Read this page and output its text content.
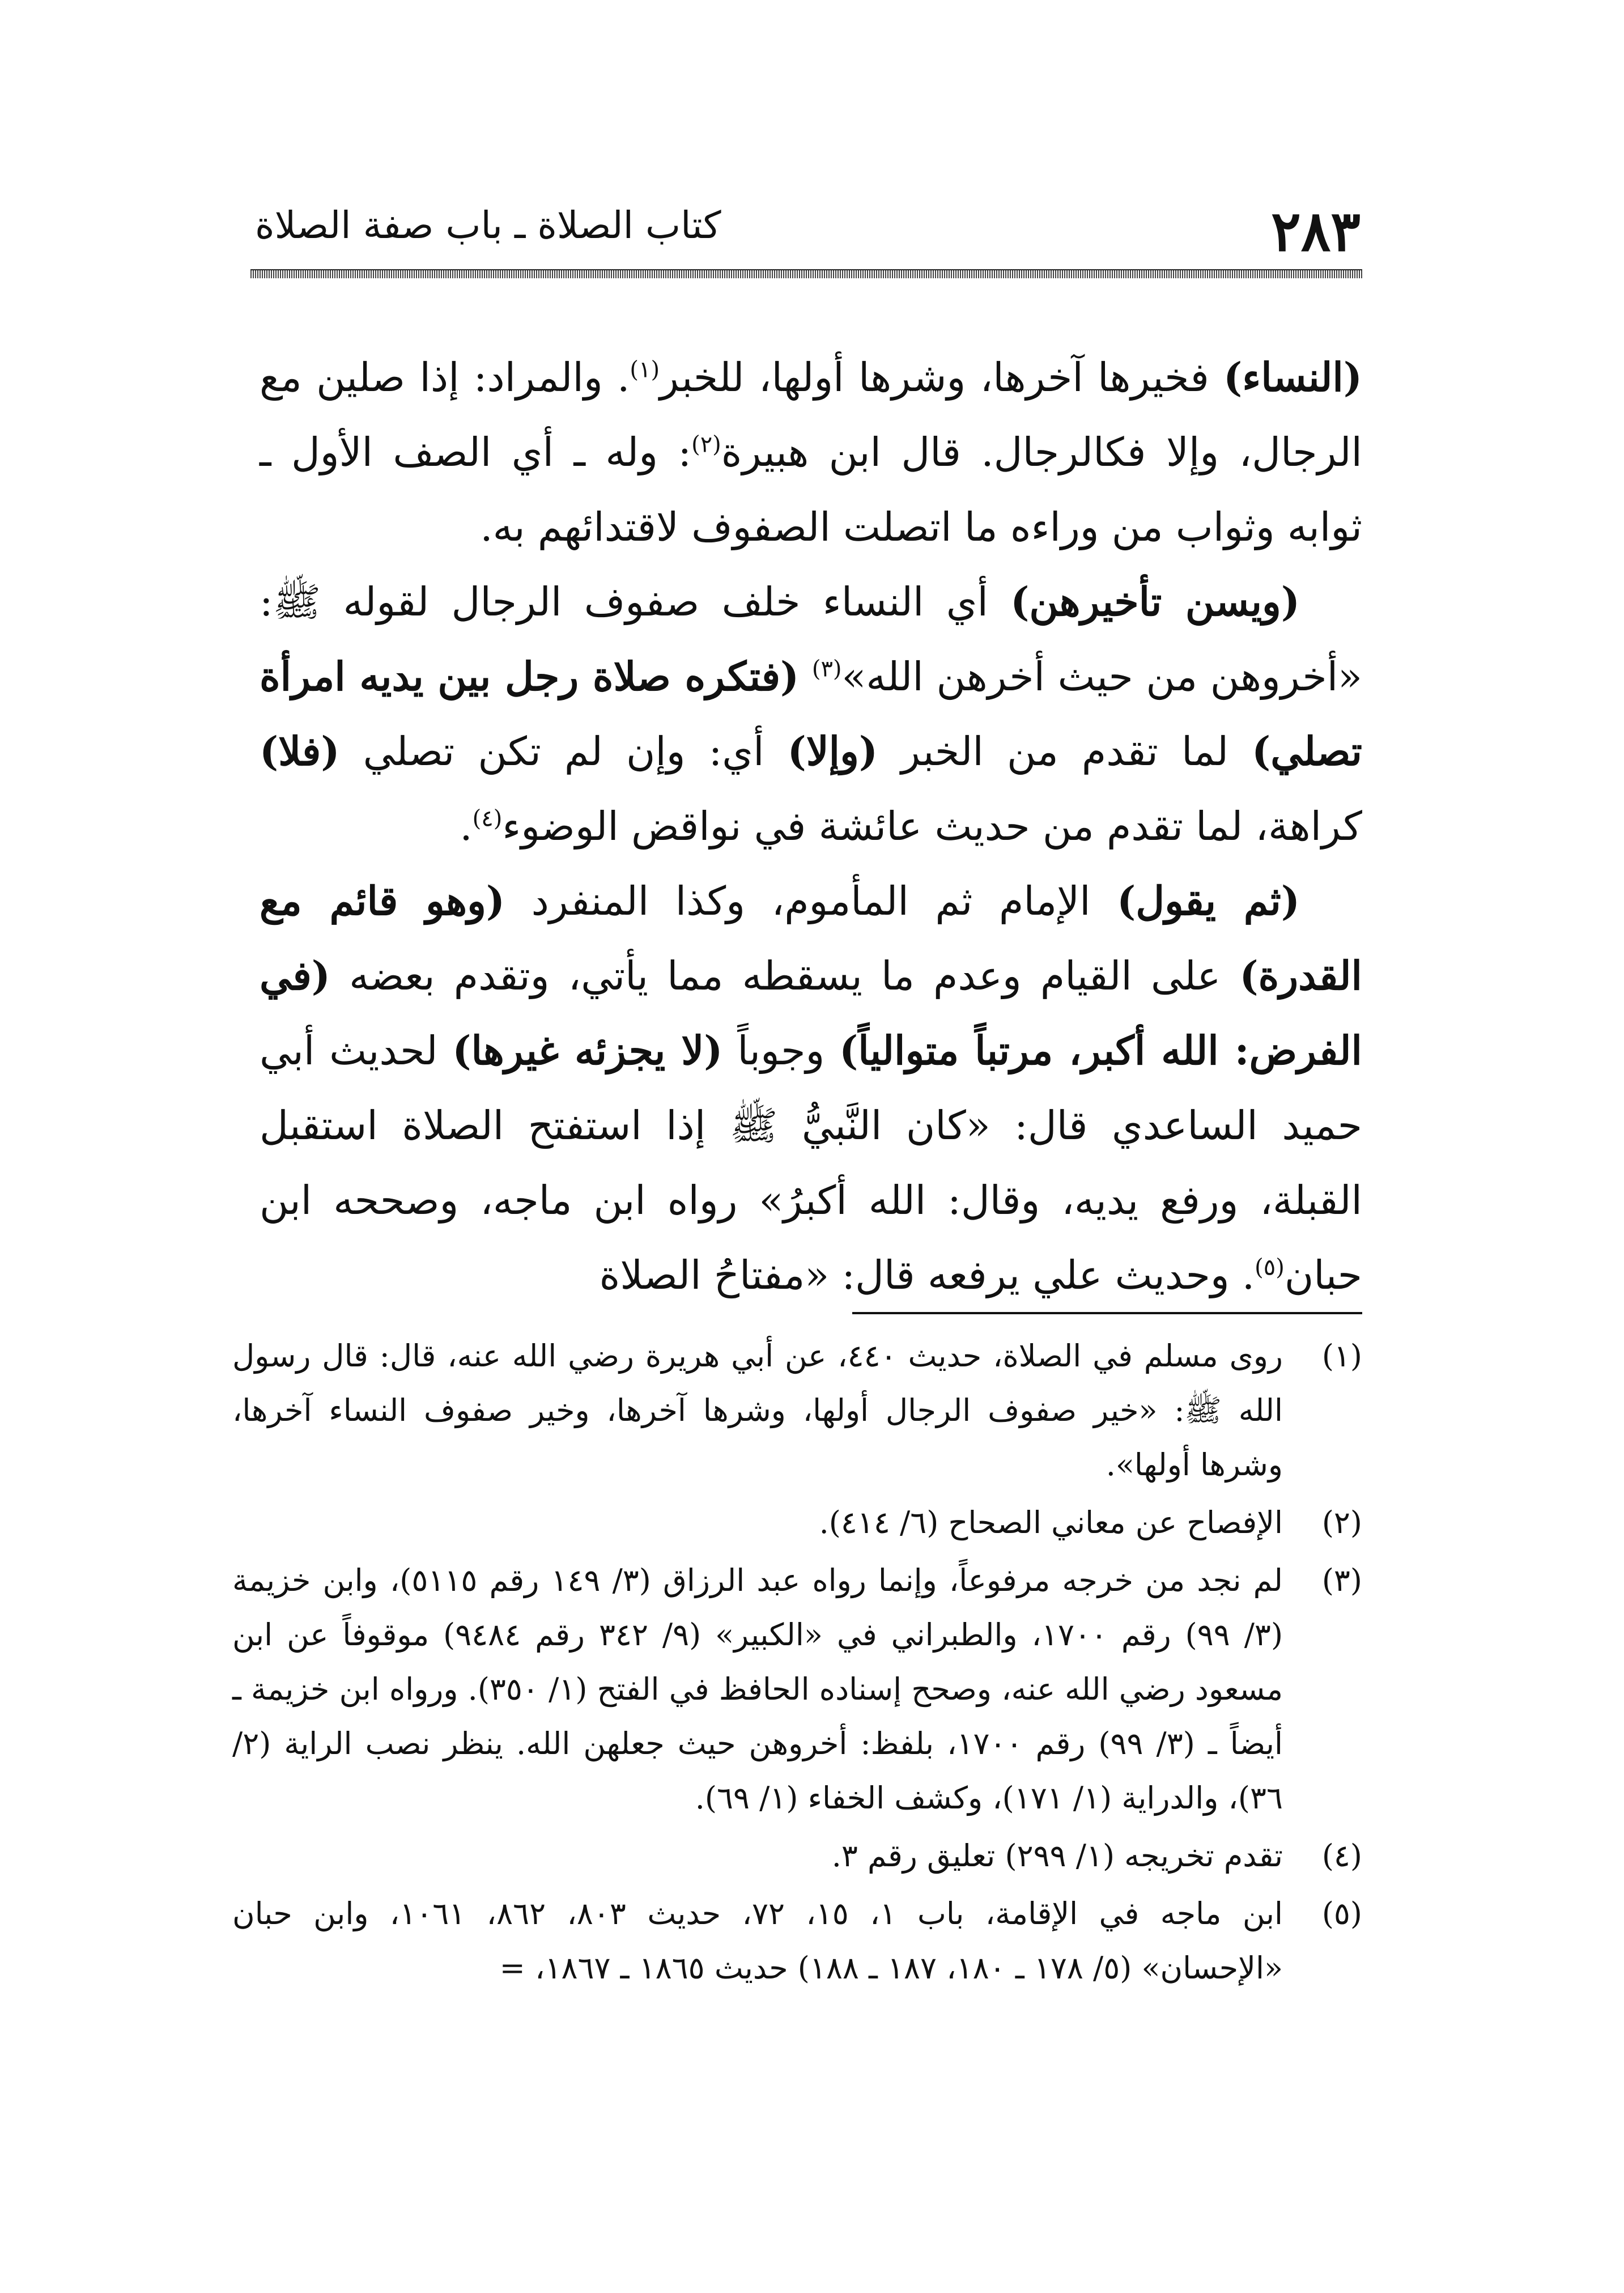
٢٨٣
كتاب الصلاة ـ باب صفة الصلاة

(النساء) فخيرها آخرها، وشرها أولها، للخبر$^{(١)}$. والمراد: إذا صلين مع الرجال، وإلا فكالرجال. قال ابن هبيرة$^{(٢)}$: وله ـ أي الصف الأول ـ ثوابه وثواب من وراءه ما اتصلت الصفوف لاقتدائهم به.

(ويسن تأخيرهن) أي النساء خلف صفوف الرجال لقوله ﷺ: «أخروهن من حيث أخرهن الله»$^{(٣)}$ (فتكره صلاة رجل بين يديه امرأة تصلي) لما تقدم من الخبر (وإلا) أي: وإن لم تكن تصلي (فلا) كراهة، لما تقدم من حديث عائشة في نواقض الوضوء$^{(٤)}$.

(ثم يقول) الإمام ثم المأموم، وكذا المنفرد (وهو قائم مع القدرة) على القيام وعدم ما يسقطه مما يأتي، وتقدم بعضه (في الفرض: الله أكبر، مرتباً متوالياً) وجوباً (لا يجزئه غيرها) لحديث أبي حميد الساعدي قال: «كان النَّبيُّ ﷺ إذا استفتح الصلاة استقبل القبلة، ورفع يديه، وقال: الله أكبرُ» رواه ابن ماجه، وصححه ابن حبان$^{(٥)}$. وحديث علي يرفعه قال: «مفتاحُ الصلاة

(١)
روى مسلم في الصلاة، حديث ٤٤٠، عن أبي هريرة رضي الله عنه، قال: قال رسول الله ﷺ: «خير صفوف الرجال أولها، وشرها آخرها، وخير صفوف النساء آخرها، وشرها أولها».
(٢)
الإفصاح عن معاني الصحاح (٦/ ٤١٤).
(٣)
لم نجد من خرجه مرفوعاً، وإنما رواه عبد الرزاق (٣/ ١٤٩ رقم ٥١١٥)، وابن خزيمة (٣/ ٩٩) رقم ١٧٠٠، والطبراني في «الكبير» (٩/ ٣٤٢ رقم ٩٤٨٤) موقوفاً عن ابن مسعود رضي الله عنه، وصحح إسناده الحافظ في الفتح (١/ ٣٥٠). ورواه ابن خزيمة ـ أيضاً ـ (٣/ ٩٩) رقم ١٧٠٠، بلفظ: أخروهن حيث جعلهن الله. ينظر نصب الراية (٢/ ٣٦)، والدراية (١/ ١٧١)، وكشف الخفاء (١/ ٦٩).
(٤)
تقدم تخريجه (١/ ٢٩٩) تعليق رقم ٣.
(٥)
ابن ماجه في الإقامة، باب ١، ١٥، ٧٢، حديث ٨٠٣، ٨٦٢، ١٠٦١، وابن حبان «الإحسان» (٥/ ١٧٨ ـ ١٨٠، ١٨٧ ـ ١٨٨) حديث ١٨٦٥ ـ ١٨٦٧، =
